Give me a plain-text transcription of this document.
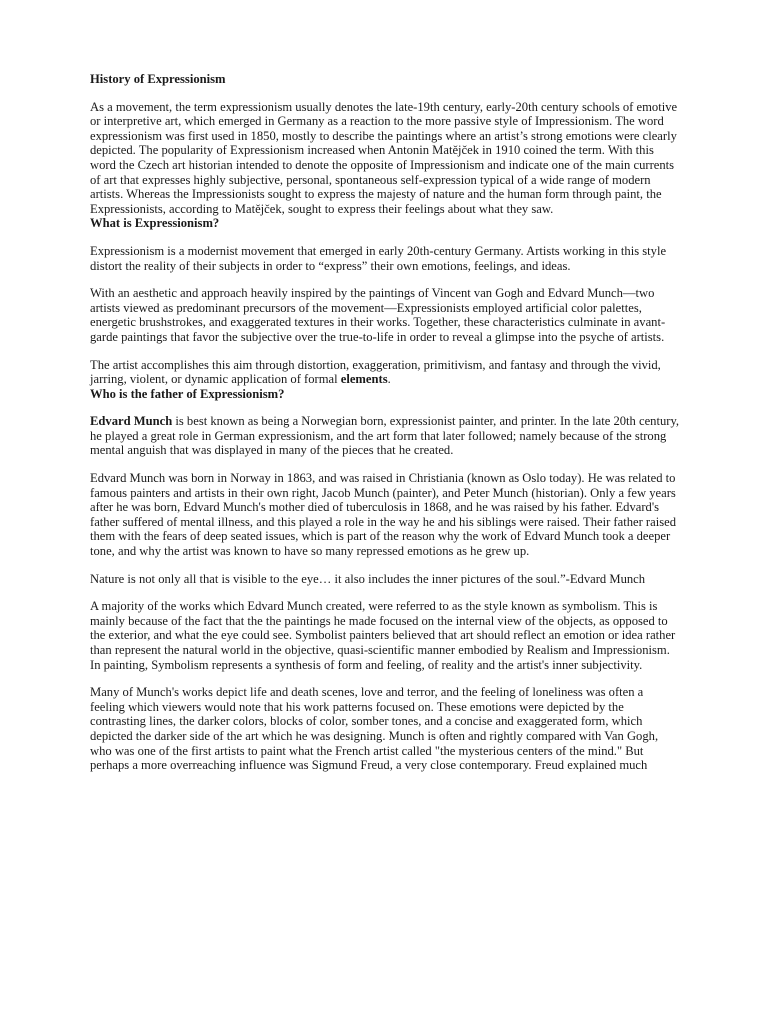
History of Expressionism

As a movement, the term expressionism usually denotes the late-19th century, early-20th century schools of emotive or interpretive art, which emerged in Germany as a reaction to the more passive style of Impressionism. The word expressionism was first used in 1850, mostly to describe the paintings where an artist’s strong emotions were clearly depicted. The popularity of Expressionism increased when Antonin Matějček in 1910 coined the term. With this word the Czech art historian intended to denote the opposite of Impressionism and indicate one of the main currents of art that expresses highly subjective, personal, spontaneous self-expression typical of a wide range of modern artists. Whereas the Impressionists sought to express the majesty of nature and the human form through paint, the Expressionists, according to Matějček, sought to express their feelings about what they saw.

What is Expressionism?

Expressionism is a modernist movement that emerged in early 20th-century Germany. Artists working in this style distort the reality of their subjects in order to “express” their own emotions, feelings, and ideas.

With an aesthetic and approach heavily inspired by the paintings of Vincent van Gogh and Edvard Munch—two artists viewed as predominant precursors of the movement—Expressionists employed artificial color palettes, energetic brushstrokes, and exaggerated textures in their works. Together, these characteristics culminate in avant-garde paintings that favor the subjective over the true-to-life in order to reveal a glimpse into the psyche of artists.

The artist accomplishes this aim through distortion, exaggeration, primitivism, and fantasy and through the vivid, jarring, violent, or dynamic application of formal elements.

Who is the father of Expressionism?

Edvard Munch is best known as being a Norwegian born, expressionist painter, and printer. In the late 20th century, he played a great role in German expressionism, and the art form that later followed; namely because of the strong mental anguish that was displayed in many of the pieces that he created.

Edvard Munch was born in Norway in 1863, and was raised in Christiania (known as Oslo today). He was related to famous painters and artists in their own right, Jacob Munch (painter), and Peter Munch (historian). Only a few years after he was born, Edvard Munch's mother died of tuberculosis in 1868, and he was raised by his father. Edvard's father suffered of mental illness, and this played a role in the way he and his siblings were raised. Their father raised them with the fears of deep seated issues, which is part of the reason why the work of Edvard Munch took a deeper tone, and why the artist was known to have so many repressed emotions as he grew up.

Nature is not only all that is visible to the eye… it also includes the inner pictures of the soul.”-Edvard Munch

A majority of the works which Edvard Munch created, were referred to as the style known as symbolism. This is mainly because of the fact that the the paintings he made focused on the internal view of the objects, as opposed to the exterior, and what the eye could see. Symbolist painters believed that art should reflect an emotion or idea rather than represent the natural world in the objective, quasi-scientific manner embodied by Realism and Impressionism. In painting, Symbolism represents a synthesis of form and feeling, of reality and the artist's inner subjectivity.

Many of Munch's works depict life and death scenes, love and terror, and the feeling of loneliness was often a feeling which viewers would note that his work patterns focused on. These emotions were depicted by the contrasting lines, the darker colors, blocks of color, somber tones, and a concise and exaggerated form, which depicted the darker side of the art which he was designing. Munch is often and rightly compared with Van Gogh, who was one of the first artists to paint what the French artist called "the mysterious centers of the mind." But perhaps a more overreaching influence was Sigmund Freud, a very close contemporary. Freud explained much
